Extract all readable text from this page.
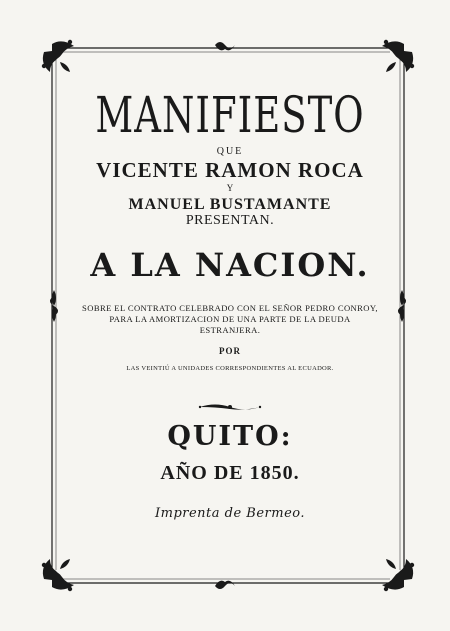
MANIFIESTO
QUE
VICENTE RAMON ROCA
Y
MANUEL BUSTAMANTE
PRESENTAN.
A LA NACION.
SOBRE EL CONTRATO CELEBRADO CON EL SEÑOR PEDRO CONROY,
PARA LA AMORTIZACION DE UNA PARTE DE LA DEUDA
ESTRANJERA.
POR
LAS VEINTIÚ A UNIDADES CORRESPONDIENTES AL ECUADOR.
QUITO:
AÑO DE 1850.
Imprenta de Bermeo.
